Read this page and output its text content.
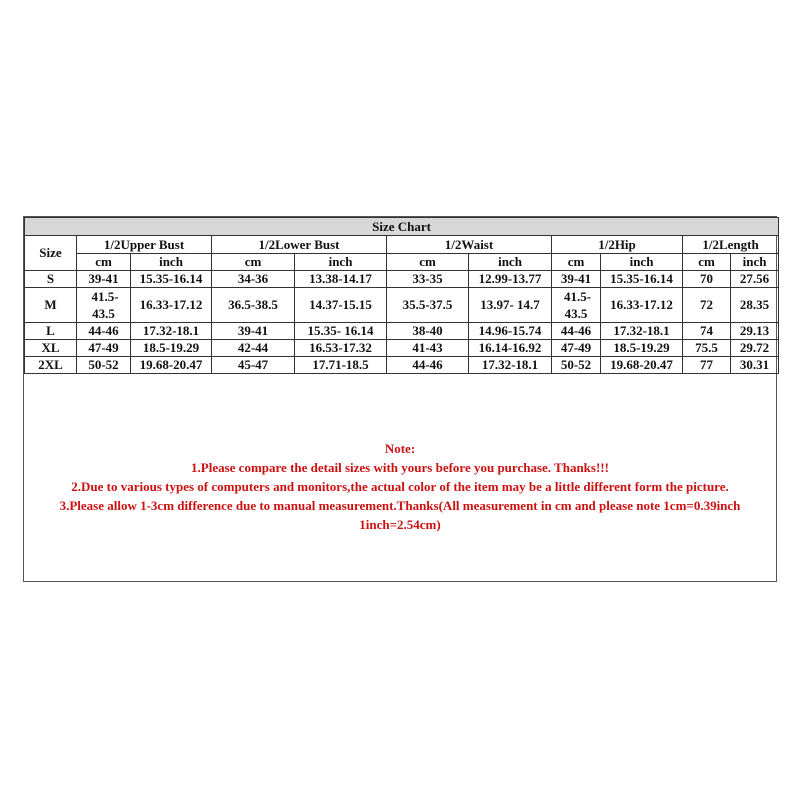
Size Chart										
Size	1/2Upper Bust		1/2Lower Bust		1/2Waist		1/2Hip		1/2Length	
	cm	inch	cm	inch	cm	inch	cm	inch	cm	inch
S	39-41	15.35-16.14	34-36	13.38-14.17	33-35	12.99-13.77	39-41	15.35-16.14	70	27.56
M	41.5-43.5	16.33-17.12	36.5-38.5	14.37-15.15	35.5-37.5	13.97- 14.7	41.5-43.5	16.33-17.12	72	28.35
L	44-46	17.32-18.1	39-41	15.35- 16.14	38-40	14.96-15.74	44-46	17.32-18.1	74	29.13
XL	47-49	18.5-19.29	42-44	16.53-17.32	41-43	16.14-16.92	47-49	18.5-19.29	75.5	29.72
2XL	50-52	19.68-20.47	45-47	17.71-18.5	44-46	17.32-18.1	50-52	19.68-20.47	77	30.31
Note:
1.Please compare the detail sizes with yours before you purchase. Thanks!!!
2.Due to various types of computers and monitors,the actual color of the item may be a little different form the picture.
3.Please allow 1-3cm difference due to manual measurement.Thanks(All measurement in cm and please note 1cm=0.39inch
1inch=2.54cm)
